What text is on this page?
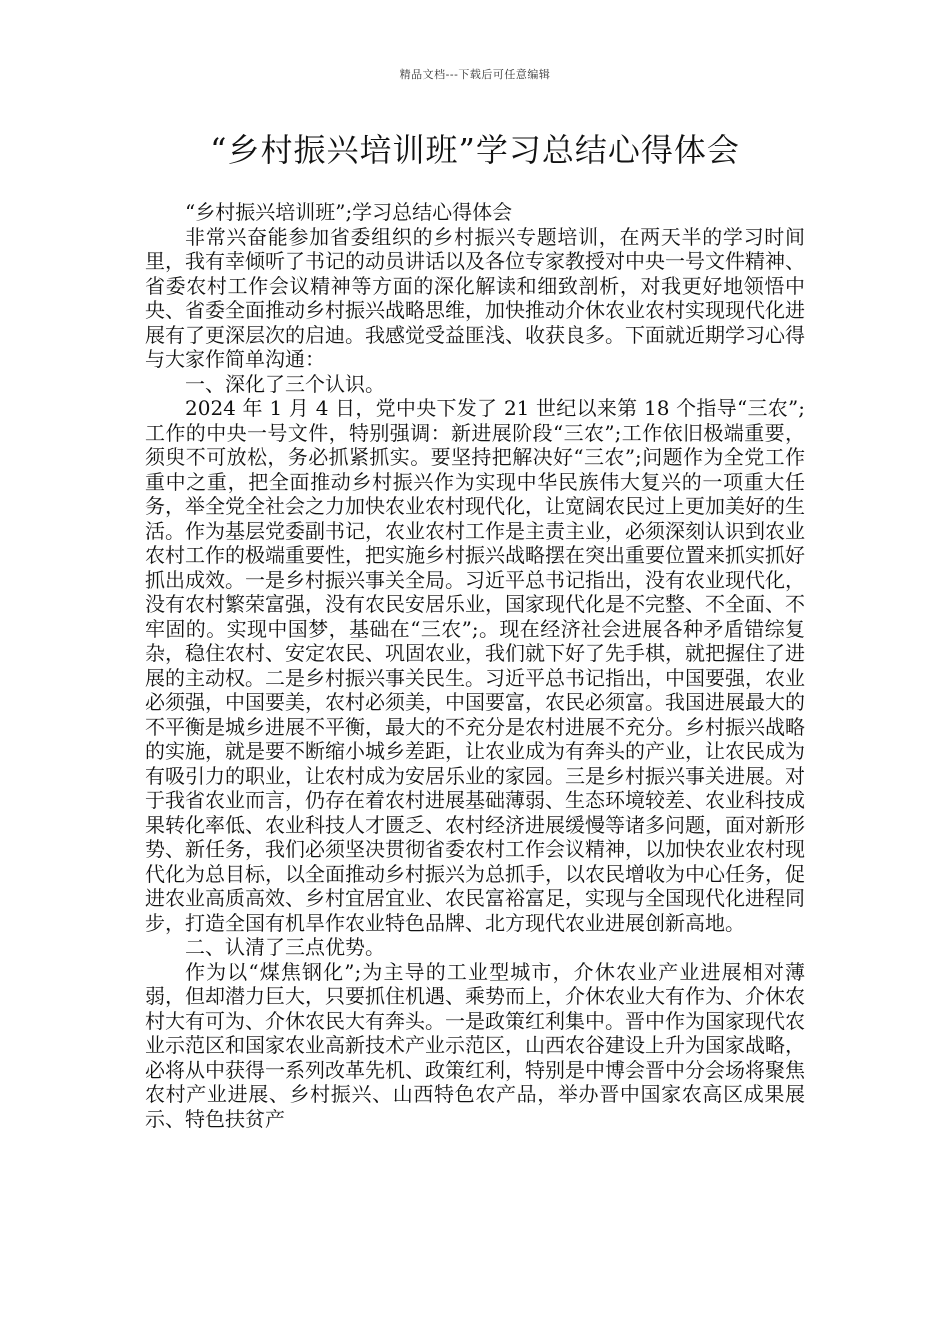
精品文档---下载后可任意编辑
“乡村振兴培训班”学习总结心得体会

“乡村振兴培训班”;学习总结心得体会

非常兴奋能参加省委组织的乡村振兴专题培训，在两天半的学习时间里，我有幸倾听了书记的动员讲话以及各位专家教授对中央一号文件精神、省委农村工作会议精神等方面的深化解读和细致剖析，对我更好地领悟中央、省委全面推动乡村振兴战略思维，加快推动介休农业农村实现现代化进展有了更深层次的启迪。我感觉受益匪浅、收获良多。下面就近期学习心得与大家作简单沟通：

一、深化了三个认识。

2024 年 1 月 4 日，党中央下发了 21 世纪以来第 18 个指导“三农”;工作的中央一号文件，特别强调：新进展阶段“三农”;工作依旧极端重要，须臾不可放松，务必抓紧抓实。要坚持把解决好“三农”;问题作为全党工作重中之重，把全面推动乡村振兴作为实现中华民族伟大复兴的一项重大任务，举全党全社会之力加快农业农村现代化，让宽阔农民过上更加美好的生活。作为基层党委副书记，农业农村工作是主责主业，必须深刻认识到农业农村工作的极端重要性，把实施乡村振兴战略摆在突出重要位置来抓实抓好抓出成效。一是乡村振兴事关全局。习近平总书记指出，没有农业现代化，没有农村繁荣富强，没有农民安居乐业，国家现代化是不完整、不全面、不牢固的。实现中国梦，基础在“三农”;。现在经济社会进展各种矛盾错综复杂，稳住农村、安定农民、巩固农业，我们就下好了先手棋，就把握住了进展的主动权。二是乡村振兴事关民生。习近平总书记指出，中国要强，农业必须强，中国要美，农村必须美，中国要富，农民必须富。我国进展最大的不平衡是城乡进展不平衡，最大的不充分是农村进展不充分。乡村振兴战略的实施，就是要不断缩小城乡差距，让农业成为有奔头的产业，让农民成为有吸引力的职业，让农村成为安居乐业的家园。三是乡村振兴事关进展。对于我省农业而言，仍存在着农村进展基础薄弱、生态环境较差、农业科技成果转化率低、农业科技人才匮乏、农村经济进展缓慢等诸多问题，面对新形势、新任务，我们必须坚决贯彻省委农村工作会议精神，以加快农业农村现代化为总目标，以全面推动乡村振兴为总抓手，以农民增收为中心任务，促进农业高质高效、乡村宜居宜业、农民富裕富足，实现与全国现代化进程同步，打造全国有机旱作农业特色品牌、北方现代农业进展创新高地。

二、认清了三点优势。

作为以“煤焦钢化”;为主导的工业型城市，介休农业产业进展相对薄弱，但却潜力巨大，只要抓住机遇、乘势而上，介休农业大有作为、介休农村大有可为、介休农民大有奔头。一是政策红利集中。晋中作为国家现代农业示范区和国家农业高新技术产业示范区，山西农谷建设上升为国家战略，必将从中获得一系列改革先机、政策红利，特别是中博会晋中分会场将聚焦农村产业进展、乡村振兴、山西特色农产品，举办晋中国家农高区成果展示、特色扶贫产
